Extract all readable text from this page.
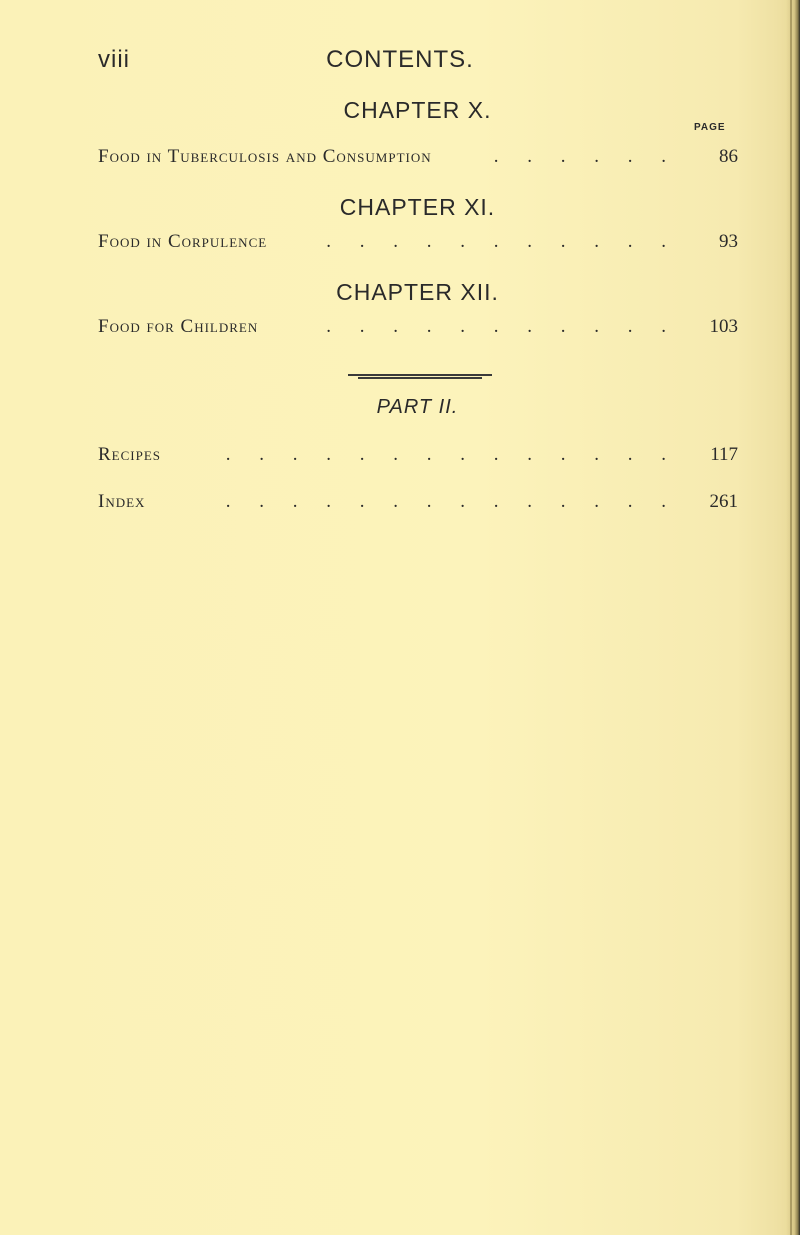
viii	CONTENTS.
CHAPTER X.
PAGE
Food in Tuberculosis and Consumption	. . . . . . 86
CHAPTER XI.
Food in Corpulence	. . . . . . . . . . . 93
CHAPTER XII.
Food for Children	. . . . . . . . . . . 103
PART II.
Recipes	. . . . . . . . . . . . . . 117
Index	. . . . . . . . . . . . . . 261
